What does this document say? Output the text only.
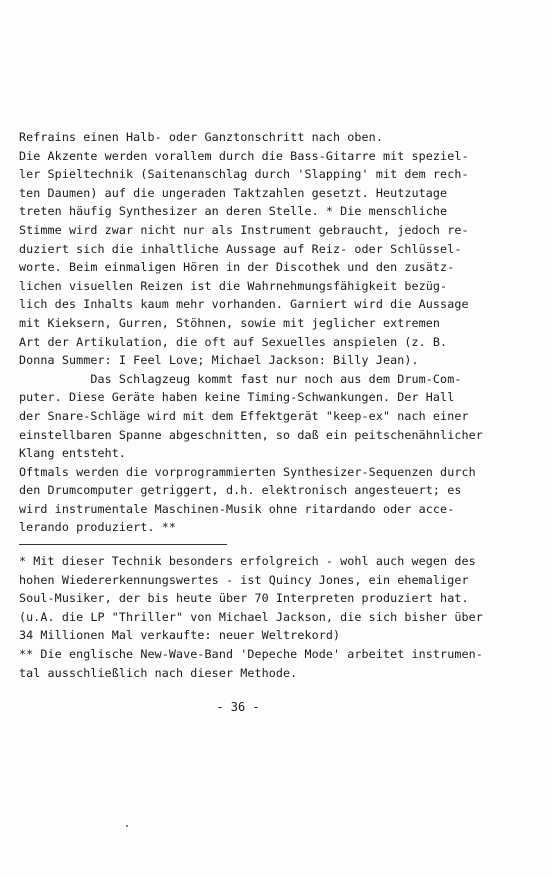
Refrains einen Halb- oder Ganztonschritt nach oben.
Die Akzente werden vorallem durch die Bass-Gitarre mit speziel-
ler Spieltechnik (Saitenanschlag durch 'Slapping' mit dem rech-
ten Daumen) auf die ungeraden Taktzahlen gesetzt. Heutzutage
treten häufig Synthesizer an deren Stelle. * Die menschliche
Stimme wird zwar nicht nur als Instrument gebraucht, jedoch re-
duziert sich die inhaltliche Aussage auf Reiz- oder Schlüssel-
worte. Beim einmaligen Hören in der Discothek und den zusätz-
lichen visuellen Reizen ist die Wahrnehmungsfähigkeit bezüg-
lich des Inhalts kaum mehr vorhanden. Garniert wird die Aussage
mit Kieksern, Gurren, Stöhnen, sowie mit jeglicher extremen
Art der Artikulation, die oft auf Sexuelles anspielen (z. B.
Donna Summer: I Feel Love; Michael Jackson: Billy Jean).
Das Schlagzeug kommt fast nur noch aus dem Drum-Com-
puter. Diese Geräte haben keine Timing-Schwankungen. Der Hall
der Snare-Schläge wird mit dem Effektgerät "keep-ex" nach einer
einstellbaren Spanne abgeschnitten, so daß ein peitschenähnlicher
Klang entsteht.
Oftmals werden die vorprogrammierten Synthesizer-Sequenzen durch
den Drumcomputer getriggert, d.h. elektronisch angesteuert; es
wird instrumentale Maschinen-Musik ohne ritardando oder acce-
lerando produziert. **
* Mit dieser Technik besonders erfolgreich - wohl auch wegen des
hohen Wiedererkennungswertes - ist Quincy Jones, ein ehemaliger
Soul-Musiker, der bis heute über 70 Interpreten produziert hat.
(u.A. die LP "Thriller" von Michael Jackson, die sich bisher über
34 Millionen Mal verkaufte: neuer Weltrekord)
** Die englische New-Wave-Band 'Depeche Mode' arbeitet instrumen-
tal ausschließlich nach dieser Methode.
- 36 -
